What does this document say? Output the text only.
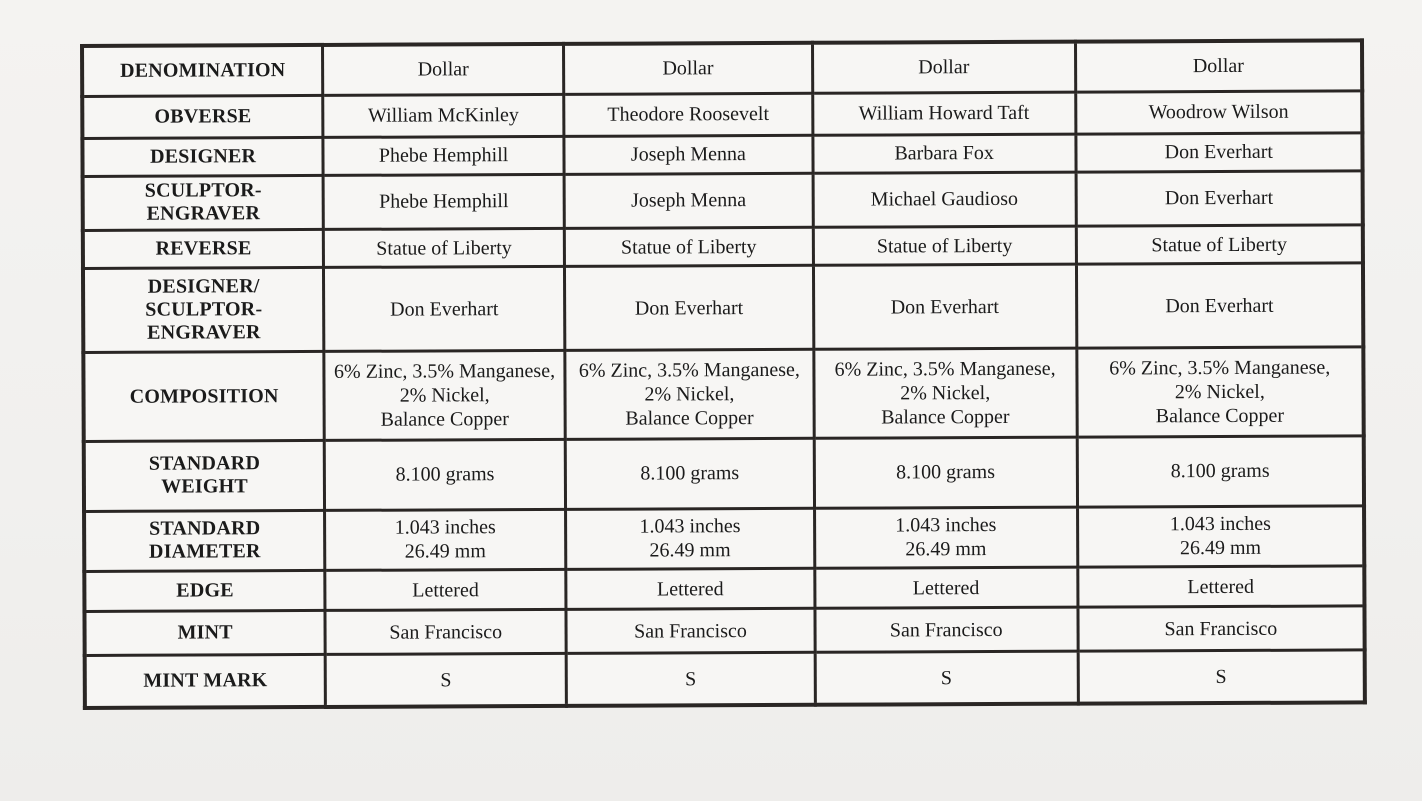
DENOMINATION	Dollar	Dollar	Dollar	Dollar

OBVERSE	William McKinley	Theodore Roosevelt	William Howard Taft	Woodrow Wilson

DESIGNER	Phebe Hemphill	Joseph Menna	Barbara Fox	Don Everhart

SCULPTOR-
ENGRAVER	Phebe Hemphill	Joseph Menna	Michael Gaudioso	Don Everhart

REVERSE	Statue of Liberty	Statue of Liberty	Statue of Liberty	Statue of Liberty

DESIGNER/
SCULPTOR-
ENGRAVER	Don Everhart	Don Everhart	Don Everhart	Don Everhart

COMPOSITION	6% Zinc, 3.5% Manganese,
2% Nickel,
Balance Copper	6% Zinc, 3.5% Manganese,
2% Nickel,
Balance Copper	6% Zinc, 3.5% Manganese,
2% Nickel,
Balance Copper	6% Zinc, 3.5% Manganese,
2% Nickel,
Balance Copper

STANDARD
WEIGHT	8.100 grams	8.100 grams	8.100 grams	8.100 grams

STANDARD
DIAMETER	1.043 inches
26.49 mm	1.043 inches
26.49 mm	1.043 inches
26.49 mm	1.043 inches
26.49 mm

EDGE	Lettered	Lettered	Lettered	Lettered

MINT	San Francisco	San Francisco	San Francisco	San Francisco

MINT MARK	S	S	S	S
